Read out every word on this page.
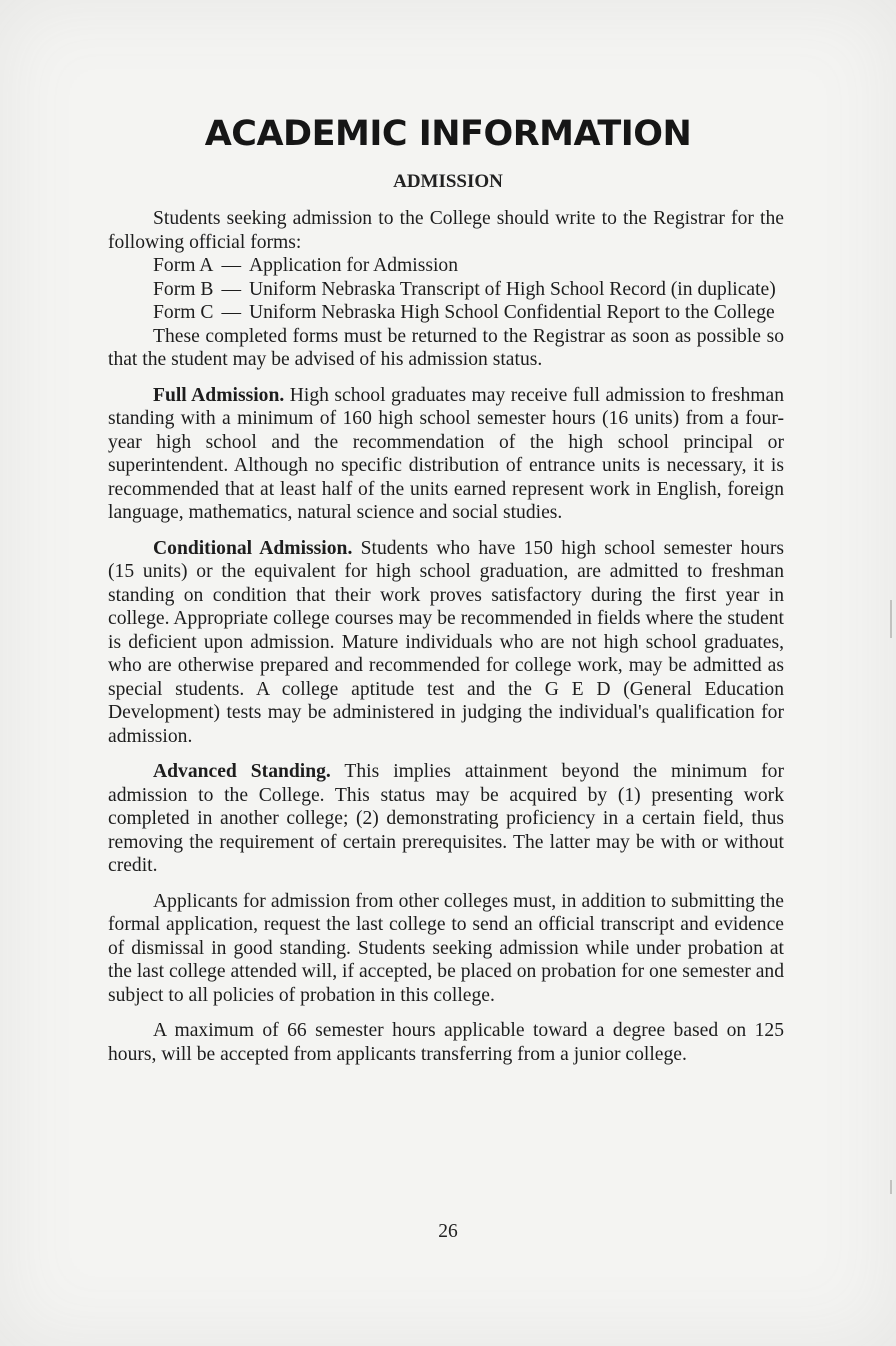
ACADEMIC INFORMATION
ADMISSION

Students seeking admission to the College should write to the Registrar for the following official forms:

Form A — Application for Admission
Form B — Uniform Nebraska Transcript of High School Record (in duplicate)
Form C — Uniform Nebraska High School Confidential Report to the College

These completed forms must be returned to the Registrar as soon as possible so that the student may be advised of his admission status.

Full Admission. High school graduates may receive full admission to freshman standing with a minimum of 160 high school semester hours (16 units) from a four-year high school and the recommendation of the high school principal or superintendent. Although no specific distribution of entrance units is necessary, it is recommended that at least half of the units earned represent work in English, foreign language, mathematics, natural science and social studies.

Conditional Admission. Students who have 150 high school semester hours (15 units) or the equivalent for high school graduation, are admitted to freshman standing on condition that their work proves satisfactory during the first year in college. Appropriate college courses may be recommended in fields where the student is deficient upon admission. Mature individuals who are not high school graduates, who are otherwise prepared and recommended for college work, may be admitted as special students. A college aptitude test and the G E D (General Education Development) tests may be administered in judging the individual's qualification for admission.

Advanced Standing. This implies attainment beyond the minimum for admission to the College. This status may be acquired by (1) presenting work completed in another college; (2) demonstrating proficiency in a certain field, thus removing the requirement of certain prerequisites. The latter may be with or without credit.

Applicants for admission from other colleges must, in addition to submitting the formal application, request the last college to send an official transcript and evidence of dismissal in good standing. Students seeking admission while under probation at the last college attended will, if accepted, be placed on probation for one semester and subject to all policies of probation in this college.

A maximum of 66 semester hours applicable toward a degree based on 125 hours, will be accepted from applicants transferring from a junior college.

26
